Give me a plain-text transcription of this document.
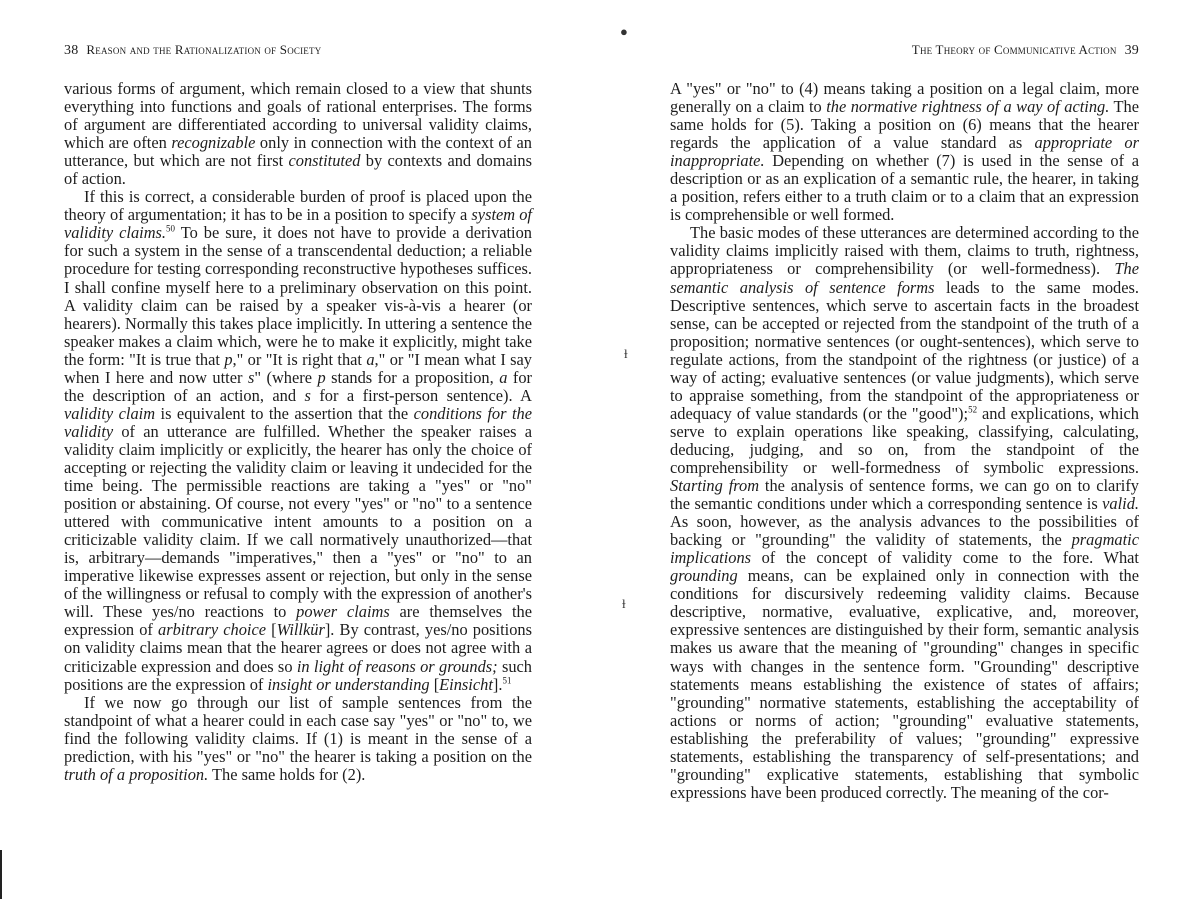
●
ɫ
ɫ
38 Reason and the Rationalization of Society

various forms of argument, which remain closed to a view that shunts everything into functions and goals of rational enterprises. The forms of argument are differentiated according to universal validity claims, which are often recognizable only in connection with the context of an utterance, but which are not first constituted by contexts and domains of action.

If this is correct, a considerable burden of proof is placed upon the theory of argumentation; it has to be in a position to specify a system of validity claims.$^{50}$ To be sure, it does not have to provide a derivation for such a system in the sense of a transcendental deduction; a reliable procedure for testing corresponding reconstructive hypotheses suffices. I shall confine myself here to a preliminary observation on this point. A validity claim can be raised by a speaker vis-à-vis a hearer (or hearers). Normally this takes place implicitly. In uttering a sentence the speaker makes a claim which, were he to make it explicitly, might take the form: "It is true that p," or "It is right that a," or "I mean what I say when I here and now utter s" (where p stands for a proposition, a for the description of an action, and s for a first-person sentence). A validity claim is equivalent to the assertion that the conditions for the validity of an utterance are fulfilled. Whether the speaker raises a validity claim implicitly or explicitly, the hearer has only the choice of accepting or rejecting the validity claim or leaving it undecided for the time being. The permissible reactions are taking a "yes" or "no" position or abstaining. Of course, not every "yes" or "no" to a sentence uttered with communicative intent amounts to a position on a criticizable validity claim. If we call normatively unauthorized—that is, arbitrary—demands "imperatives," then a "yes" or "no" to an imperative likewise expresses assent or rejection, but only in the sense of the willingness or refusal to comply with the expression of another's will. These yes/no reactions to power claims are themselves the expression of arbitrary choice [Willkür]. By contrast, yes/no positions on validity claims mean that the hearer agrees or does not agree with a criticizable expression and does so in light of reasons or grounds; such positions are the expression of insight or understanding [Einsicht].$^{51}$

If we now go through our list of sample sentences from the standpoint of what a hearer could in each case say "yes" or "no" to, we find the following validity claims. If (1) is meant in the sense of a prediction, with his "yes" or "no" the hearer is taking a position on the truth of a proposition. The same holds for (2).

The Theory of Communicative Action 39

A "yes" or "no" to (4) means taking a position on a legal claim, more generally on a claim to the normative rightness of a way of acting. The same holds for (5). Taking a position on (6) means that the hearer regards the application of a value standard as appropriate or inappropriate. Depending on whether (7) is used in the sense of a description or as an explication of a semantic rule, the hearer, in taking a position, refers either to a truth claim or to a claim that an expression is comprehensible or well formed.

The basic modes of these utterances are determined according to the validity claims implicitly raised with them, claims to truth, rightness, appropriateness or comprehensibility (or well-formedness). The semantic analysis of sentence forms leads to the same modes. Descriptive sentences, which serve to ascertain facts in the broadest sense, can be accepted or rejected from the standpoint of the truth of a proposition; normative sentences (or ought-sentences), which serve to regulate actions, from the standpoint of the rightness (or justice) of a way of acting; evaluative sentences (or value judgments), which serve to appraise something, from the standpoint of the appropriateness or adequacy of value standards (or the "good");$^{52}$ and explications, which serve to explain operations like speaking, classifying, calculating, deducing, judging, and so on, from the standpoint of the comprehensibility or well-formedness of symbolic expressions. Starting from the analysis of sentence forms, we can go on to clarify the semantic conditions under which a corresponding sentence is valid. As soon, however, as the analysis advances to the possibilities of backing or "grounding" the validity of statements, the pragmatic implications of the concept of validity come to the fore. What grounding means, can be explained only in connection with the conditions for discursively redeeming validity claims. Because descriptive, normative, evaluative, explicative, and, moreover, expressive sentences are distinguished by their form, semantic analysis makes us aware that the meaning of "grounding" changes in specific ways with changes in the sentence form. "Grounding" descriptive statements means establishing the existence of states of affairs; "grounding" normative statements, establishing the acceptability of actions or norms of action; "grounding" evaluative statements, establishing the preferability of values; "grounding" expressive statements, establishing the transparency of self-presentations; and "grounding" explicative statements, establishing that symbolic expressions have been produced correctly. The meaning of the cor-
